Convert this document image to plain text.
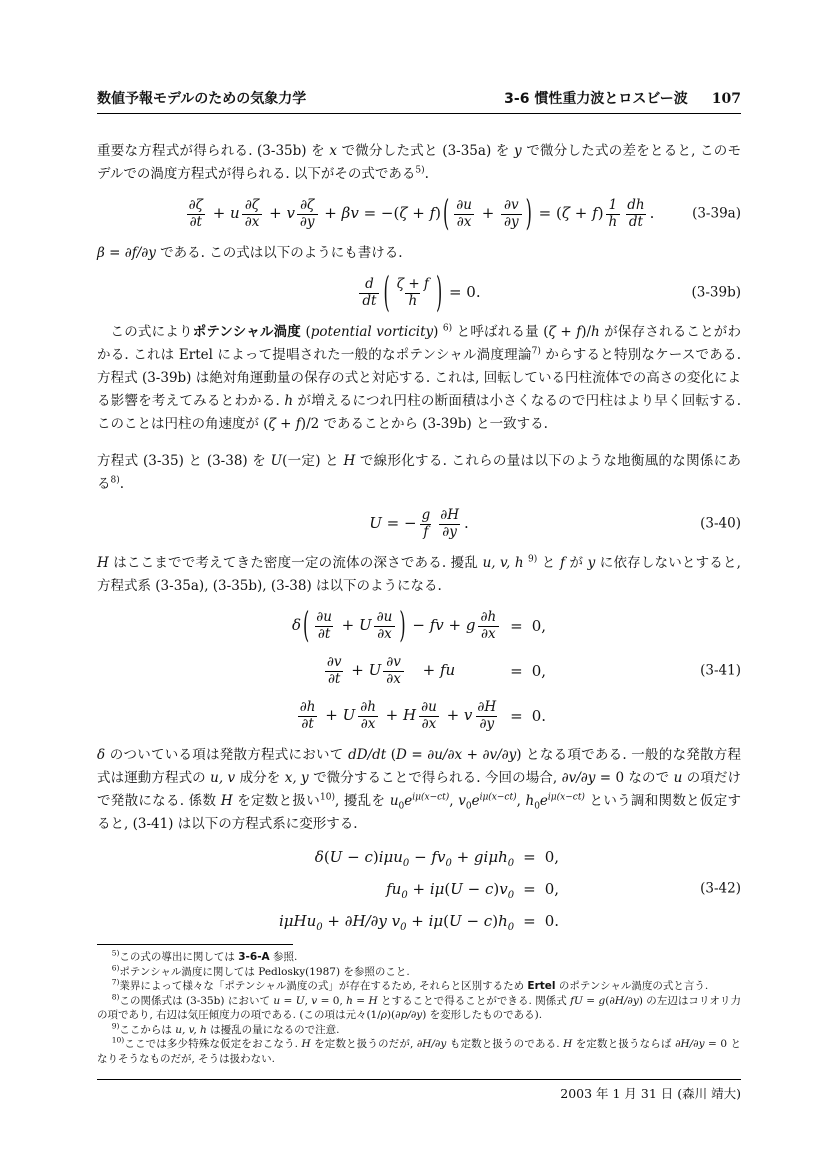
数値予報モデルのための気象力学	3-6 慣性重力波とロスビー波 107

重要な方程式が得られる. (3-35b) を x で微分した式と (3-35a) を y で微分した式の差をとると, このモデルでの渦度方程式が得られる. 以下がその式である$^{5)}$.

$\frac{\partial\zeta}{\partial t} + u \frac{\partial\zeta}{\partial x} + v \frac{\partial\zeta}{\partial y} + \beta v = -(\zeta + f)$ ( $\frac{\partial u}{\partial x} + \frac{\partial v}{\partial y}$ ) = $(\zeta + f) \frac{1}{h} \frac{dh}{dt}$ .	(3-39a)

β = ∂f/∂y である. この式は以下のようにも書ける.

$\frac{d}{dt}$ ( $\frac{\zeta + f}{h}$ ) = 0.	(3-39b)

この式によりポテンシャル渦度 (potential vorticity) $^{6)}$ と呼ばれる量 (ζ + f)/h が保存されることがわかる. これは Ertel によって提唱された一般的なポテンシャル渦度理論$^{7)}$ からすると特別なケースである. 方程式 (3-39b) は絶対角運動量の保存の式と対応する. これは, 回転している円柱流体での高さの変化による影響を考えてみるとわかる. h が増えるにつれ円柱の断面積は小さくなるので円柱はより早く回転する. このことは円柱の角速度が (ζ + f)/2 であることから (3-39b) と一致する.

方程式 (3-35) と (3-38) を U(一定) と H で線形化する. これらの量は以下のような地衡風的な関係にある$^{8)}$.

U = − $\frac{g}{f} \frac{\partial H}{\partial y}$ .	(3-40)

H はここまでで考えてきた密度一定の流体の深さである. 擾乱 u, v, h $^{9)}$ と f が y に依存しないとすると, 方程式系 (3-35a), (3-35b), (3-38) は以下のようになる.

δ ( $\frac{\partial u}{\partial t} + U \frac{\partial u}{\partial x}$ ) − fv + g $\frac{\partial h}{\partial x} = 0$,
$\frac{\partial v}{\partial t} + U \frac{\partial v}{\partial x}$ + fu	= 0,
$\frac{\partial h}{\partial t} + U \frac{\partial h}{\partial x} + H \frac{\partial u}{\partial x} + v \frac{\partial H}{\partial y} = 0$.
(3-41)

δ のついている項は発散方程式において dD/dt (D = ∂u/∂x + ∂v/∂y) となる項である. 一般的な発散方程式は運動方程式の u, v 成分を x, y で微分することで得られる. 今回の場合, ∂v/∂y = 0 なので u の項だけで発散になる. 係数 H を定数と扱い$^{10)}$, 擾乱を $u_0e^{i\mu(x-ct)}$, $v_0e^{i\mu(x-ct)}$, $h_0e^{i\mu(x-ct)}$ という調和関数と仮定すると, (3-41) は以下の方程式系に変形する.

$\delta(U - c)i\mu u_0 - fv_0 + gi\mu h_0 = 0$,
$fu_0 + i\mu(U - c)v_0 = 0$,
iμHu$_0$ + ∂H/∂y $v_0 + i\mu(U - c)h_0 = 0$.
(3-42)
$^{5)}$この式の導出に関しては 3-6-A 参照.
$^{6)}$ポテンシャル渦度に関しては Pedlosky(1987) を参照のこと.
$^{7)}$業界によって様々な「ポテンシャル渦度の式」が存在するため, それらと区別するため Ertel のポテンシャル渦度の式と言う.
$^{8)}$この関係式は (3-35b) において u = U, v = 0, h = H とすることで得ることができる. 関係式 fU = g(∂H/∂y) の左辺はコリオリ力の項であり, 右辺は気圧傾度力の項である. (この項は元々(1/ρ)(∂p/∂y) を変形したものである).
$^{9)}$ここからは u, v, h は擾乱の量になるので注意.
$^{10)}$ここでは多少特殊な仮定をおこなう. H を定数と扱うのだが, ∂H/∂y も定数と扱うのである. H を定数と扱うならば ∂H/∂y = 0 となりそうなものだが, そうは扱わない.
2003 年 1 月 31 日 (森川 靖大)
